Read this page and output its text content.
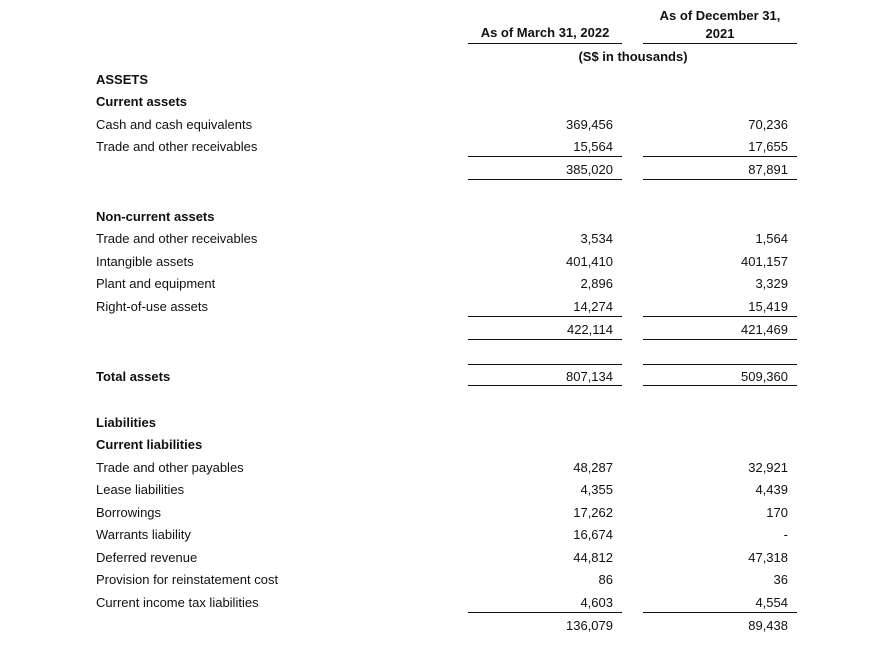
As of March 31, 2022
As of December 31,
2021
(S$ in thousands)
ASSETS
Current assets
Cash and cash equivalents	369,456	70,236
Trade and other receivables	15,564	17,655
385,020	87,891
Non-current assets
Trade and other receivables	3,534	1,564
Intangible assets	401,410	401,157
Plant and equipment	2,896	3,329
Right-of-use assets	14,274	15,419
422,114	421,469
Total assets	807,134	509,360
Liabilities
Current liabilities
Trade and other payables	48,287	32,921
Lease liabilities	4,355	4,439
Borrowings	17,262	170
Warrants liability	16,674	-
Deferred revenue	44,812	47,318
Provision for reinstatement cost	86	36
Current income tax liabilities	4,603	4,554
136,079	89,438
